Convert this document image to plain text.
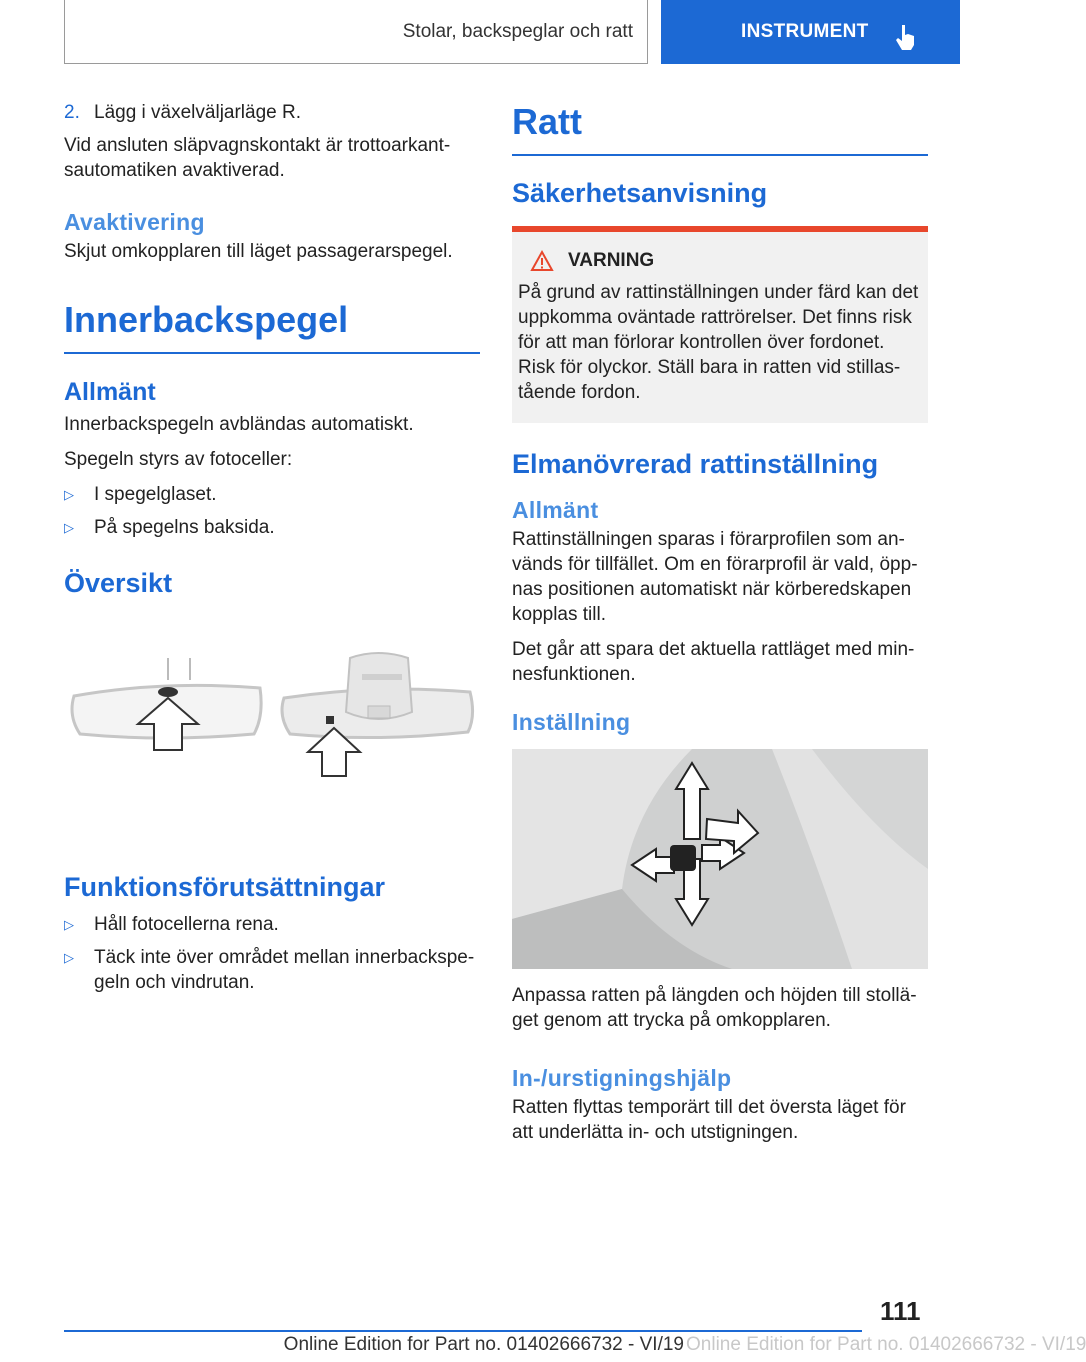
Stolar, backspeglar och ratt	INSTRUMENT
2. Lägg i växelväljarläge R.

Vid ansluten släpvagnskontakt är trottoarkantsautomatiken avaktiverad.

Avaktivering

Skjut omkopplaren till läget passagerarspegel.

Innerbackspegel
Allmänt

Innerbackspegeln avbländas automatiskt.

Spegeln styrs av fotoceller:

▷	I spegelglaset.
▷	På spegelns baksida.
Översikt
Funktionsförutsättningar
▷	Håll fotocellerna rena.
▷	Täck inte över området mellan innerbackspegeln och vindrutan.
Ratt
Säkerhetsanvisning
VARNING

På grund av rattinställningen under färd kan det uppkomma oväntade rattrörelser. Det finns risk för att man förlorar kontrollen över fordonet. Risk för olyckor. Ställ bara in ratten vid stillastående fordon.

Elmanövrerad rattinställning
Allmänt

Rattinställningen sparas i förarprofilen som används för tillfället. Om en förarprofil är vald, öppnas positionen automatiskt när körberedskapen kopplas till.

Det går att spara det aktuella rattläget med minnesfunktionen.

Inställning

Anpassa ratten på längden och höjden till stolläget genom att trycka på omkopplaren.

In-/urstigningshjälp

Ratten flyttas temporärt till det översta läget för att underlätta in- och utstigningen.

111
Online Edition for Part no. 01402666732 - VI/19 Online Edition for Part no. 01402666732 - VI/19
